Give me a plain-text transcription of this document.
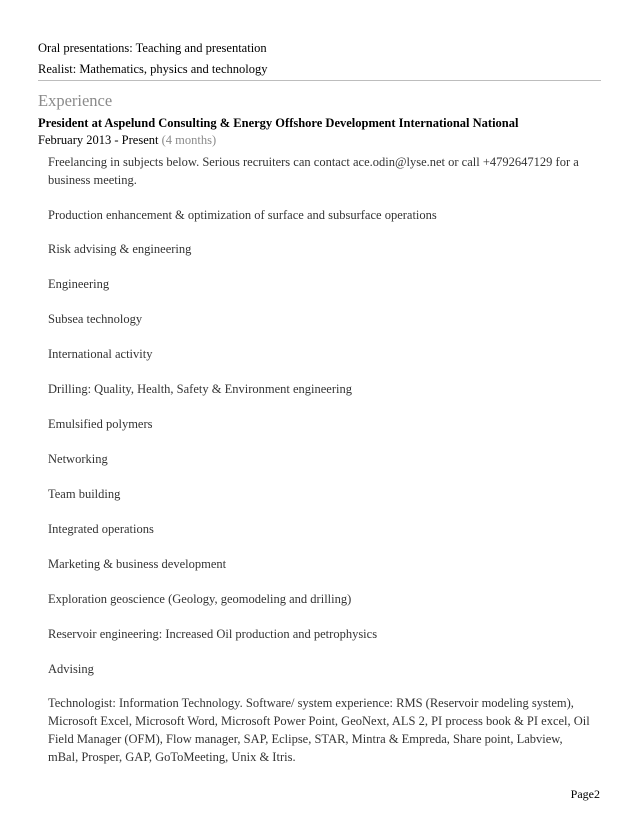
Oral presentations: Teaching and presentation
Realist: Mathematics, physics and technology
Experience
President at Aspelund Consulting & Energy Offshore Development International National
February 2013 - Present (4 months)
Freelancing in subjects below. Serious recruiters can contact ace.odin@lyse.net or call +4792647129 for a
business meeting.
Production enhancement & optimization of surface and subsurface operations
Risk advising & engineering
Engineering
Subsea technology
International activity
Drilling: Quality, Health, Safety & Environment engineering
Emulsified polymers
Networking
Team building
Integrated operations
Marketing & business development
Exploration geoscience (Geology, geomodeling and drilling)
Reservoir engineering: Increased Oil production and petrophysics
Advising
Technologist: Information Technology. Software/ system experience: RMS (Reservoir modeling system),
Microsoft Excel, Microsoft Word, Microsoft Power Point, GeoNext, ALS 2, PI process book & PI excel, Oil
Field Manager (OFM), Flow manager, SAP, Eclipse, STAR, Mintra & Empreda, Share point, Labview,
mBal, Prosper, GAP, GoToMeeting, Unix & Itris.
Page2
